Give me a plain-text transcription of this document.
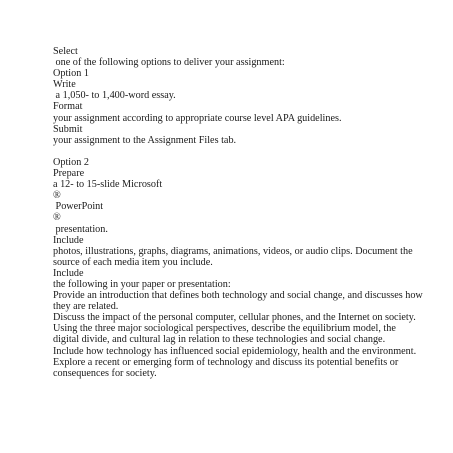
Select
one of the following options to deliver your assignment:
Option 1
Write
a 1,050- to 1,400-word essay.
Format
your assignment according to appropriate course level APA guidelines.
Submit
your assignment to the Assignment Files tab.
Option 2
Prepare
a 12- to 15-slide Microsoft
®
PowerPoint
®
presentation.
Include
photos, illustrations, graphs, diagrams, animations, videos, or audio clips. Document the source of each media item you include.
Include
the following in your paper or presentation:
Provide an introduction that defines both technology and social change, and discusses how they are related.
Discuss the impact of the personal computer, cellular phones, and the Internet on society.
Using the three major sociological perspectives, describe the equilibrium model, the digital divide, and cultural lag in relation to these technologies and social change.
Include how technology has influenced social epidemiology, health and the environment.
Explore a recent or emerging form of technology and discuss its potential benefits or consequences for society.
